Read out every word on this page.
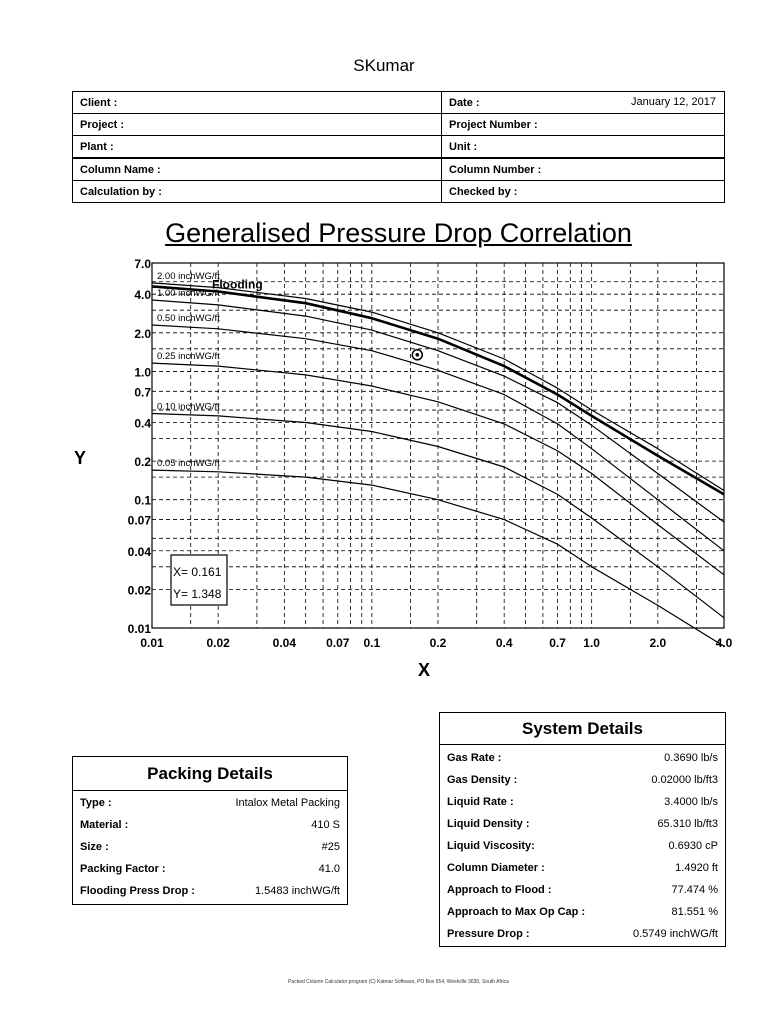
SKumar
Client :	Date : January 12, 2017

Project :	Project Number :

Plant :	Unit :

Column Name :	Column Number :

Calculation by :	Checked by :
Generalised Pressure Drop Correlation
2.00 inchWG/ft
Flooding
1.00 inchWG/ft
0.50 inchWG/ft
0.25 inchWG/ft
0.10 inchWG/ft
0.05 inchWG/ft
0.01
0.02
0.04
0.07
0.1
0.2
0.4
0.7
1.0
2.0
4.0
7.0
0.01	0.02	0.04	0.07 0.1	0.2	0.4	0.7 1.0	2.0	4.0
X
Y
X= 0.161
Y= 1.348
Packing Details
Type :	Intalox Metal Packing
Material :	410 S
Size :	#25
Packing Factor :	41.0
Flooding Press Drop :	1.5483 inchWG/ft
System Details
Gas Rate :	0.3690 lb/s
Gas Density :	0.02000 lb/ft3
Liquid Rate :	3.4000 lb/s
Liquid Density :	65.310 lb/ft3
Liquid Viscosity:	0.6930 cP
Column Diameter :	1.4920 ft
Approach to Flood :	77.474 %
Approach to Max Op Cap :	81.551 %
Pressure Drop :	0.5749 inchWG/ft
Packed Column Calculator program (C) Katmar Software, PO Box 654, Westville 3630, South Africa
